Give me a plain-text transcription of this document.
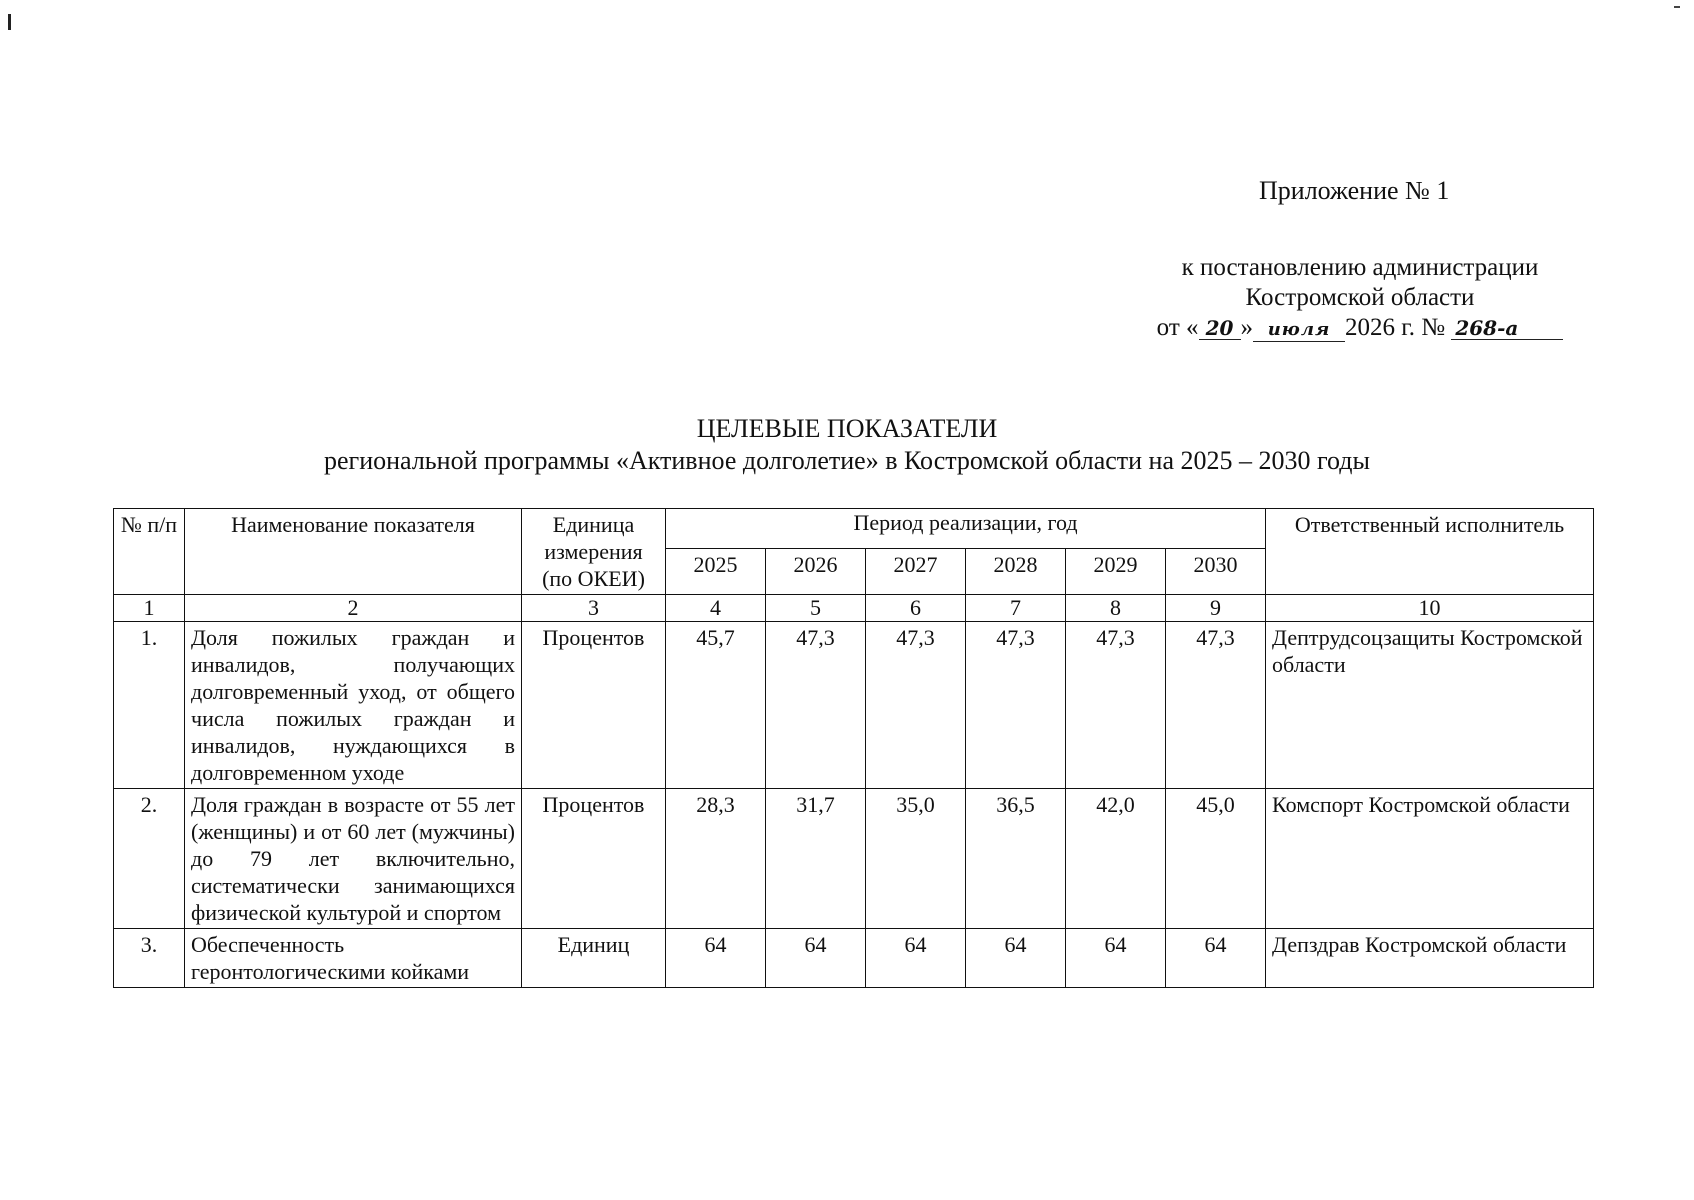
Приложение № 1
к постановлению администрации
Костромской области
от « 20 » июля 2026 г. № 268-а
ЦЕЛЕВЫЕ ПОКАЗАТЕЛИ
региональной программы «Активное долголетие» в Костромской области на 2025 – 2030 годы
№ п/п	Наименование показателя	Единица измерения (по ОКЕИ)	Период реализации, год						Ответственный исполнитель
			2025	2026	2027	2028	2029	2030	
1	2	3	4	5	6	7	8	9	10
1.	Доля пожилых граждан и инвалидов, получающих долговременный уход, от общего числа пожилых граждан и инвалидов, нуждающихся в долговременном уходе	Процентов	45,7	47,3	47,3	47,3	47,3	47,3	Дептрудсоцзащиты Костромской области
2.	Доля граждан в возрасте от 55 лет (женщины) и от 60 лет (мужчины) до 79 лет включительно, систематически занимающихся физической культурой и спортом	Процентов	28,3	31,7	35,0	36,5	42,0	45,0	Комспорт Костромской области
3.	Обеспеченность геронтологическими койками	Единиц	64	64	64	64	64	64	Депздрав Костромской области
